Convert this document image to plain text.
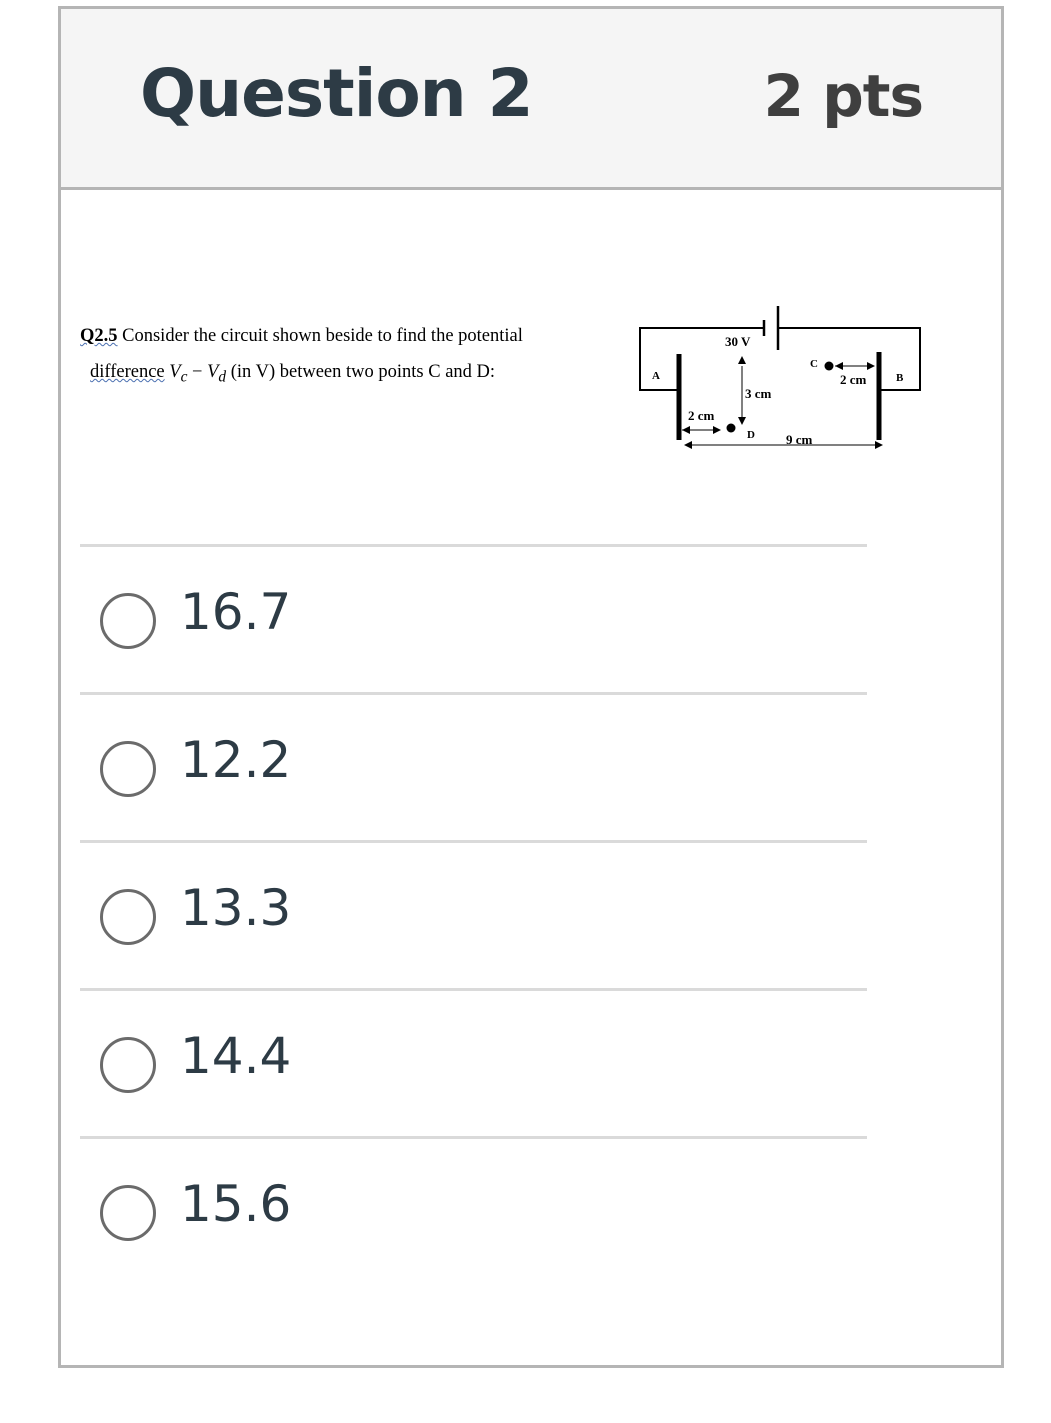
Question 2	2 pts
Q2.5 Consider the circuit shown beside to find the potential
difference $V_c - V_d$ (in V) between two points C and D:
30 V
A	B
C
D
3 cm
2 cm
2 cm
9 cm
16.7
12.2
13.3
14.4
15.6
